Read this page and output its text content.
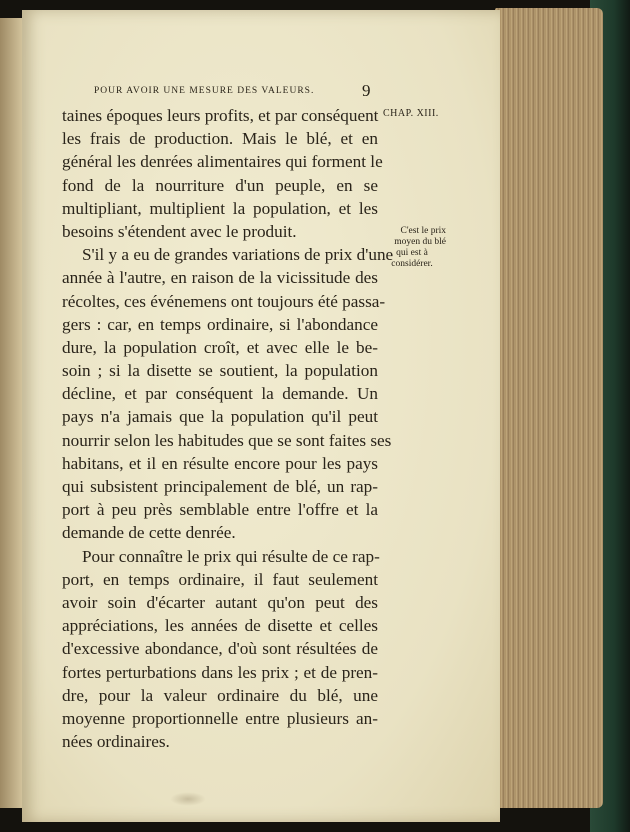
POUR AVOIR UNE MESURE DES VALEURS.	9
CHAP. XIII.
C'est le prix
moyen du blé
qui est à
considérer.
taines époques leurs profits, et par conséquent
les frais de production. Mais le blé, et en
général les denrées alimentaires qui forment le
fond de la nourriture d'un peuple, en se
multipliant, multiplient la population, et les
besoins s'étendent avec le produit.
S'il y a eu de grandes variations de prix d'une
année à l'autre, en raison de la vicissitude des
récoltes, ces événemens ont toujours été passa-
gers : car, en temps ordinaire, si l'abondance
dure, la population croît, et avec elle le be-
soin ; si la disette se soutient, la population
décline, et par conséquent la demande. Un
pays n'a jamais que la population qu'il peut
nourrir selon les habitudes que se sont faites ses
habitans, et il en résulte encore pour les pays
qui subsistent principalement de blé, un rap-
port à peu près semblable entre l'offre et la
demande de cette denrée.
Pour connaître le prix qui résulte de ce rap-
port, en temps ordinaire, il faut seulement
avoir soin d'écarter autant qu'on peut des
appréciations, les années de disette et celles
d'excessive abondance, d'où sont résultées de
fortes perturbations dans les prix ; et de pren-
dre, pour la valeur ordinaire du blé, une
moyenne proportionnelle entre plusieurs an-
nées ordinaires.
